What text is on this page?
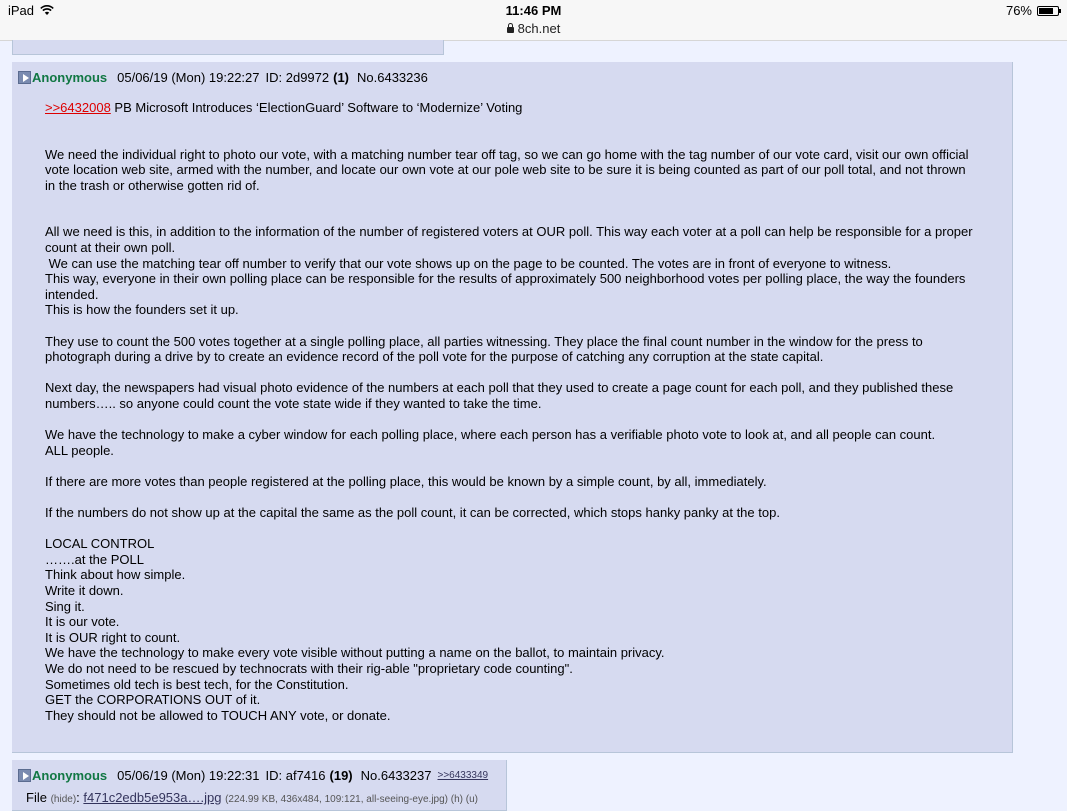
iPad	11:46 PM
8ch.net
76%
Anonymous 05/06/19 (Mon) 19:22:27 ID: 2d9972 (1) No.6433236

>>6432008 PB Microsoft Introduces ‘ElectionGuard’ Software to ‘Modernize’ Voting

We need the individual right to photo our vote, with a matching number tear off tag, so we can go home with the tag number of our vote card, visit our own official vote location web site, armed with the number, and locate our own vote at our pole web site to be sure it is being counted as part of our poll total, and not thrown in the trash or otherwise gotten rid of.

All we need is this, in addition to the information of the number of registered voters at OUR poll. This way each voter at a poll can help be responsible for a proper count at their own poll.
We can use the matching tear off number to verify that our vote shows up on the page to be counted. The votes are in front of everyone to witness.
This way, everyone in their own polling place can be responsible for the results of approximately 500 neighborhood votes per polling place, the way the founders intended.
This is how the founders set it up.

They use to count the 500 votes together at a single polling place, all parties witnessing. They place the final count number in the window for the press to photograph during a drive by to create an evidence record of the poll vote for the purpose of catching any corruption at the state capital.

Next day, the newspapers had visual photo evidence of the numbers at each poll that they used to create a page count for each poll, and they published these numbers….. so anyone could count the vote state wide if they wanted to take the time.

We have the technology to make a cyber window for each polling place, where each person has a verifiable photo vote to look at, and all people can count.
ALL people.

If there are more votes than people registered at the polling place, this would be known by a simple count, by all, immediately.

If the numbers do not show up at the capital the same as the poll count, it can be corrected, which stops hanky panky at the top.

LOCAL CONTROL
…….at the POLL
Think about how simple.
Write it down.
Sing it.
It is our vote.
It is OUR right to count.
We have the technology to make every vote visible without putting a name on the ballot, to maintain privacy.
We do not need to be rescued by technocrats with their rig-able "proprietary code counting".
Sometimes old tech is best tech, for the Constitution.
GET the CORPORATIONS OUT of it.
They should not be allowed to TOUCH ANY vote, or donate.

Anonymous 05/06/19 (Mon) 19:22:31 ID: af7416 (19) No.6433237 >>6433349
File (hide): f471c2edb5e953a….jpg (224.99 KB, 436x484, 109:121, all-seeing-eye.jpg) (h) (u)
